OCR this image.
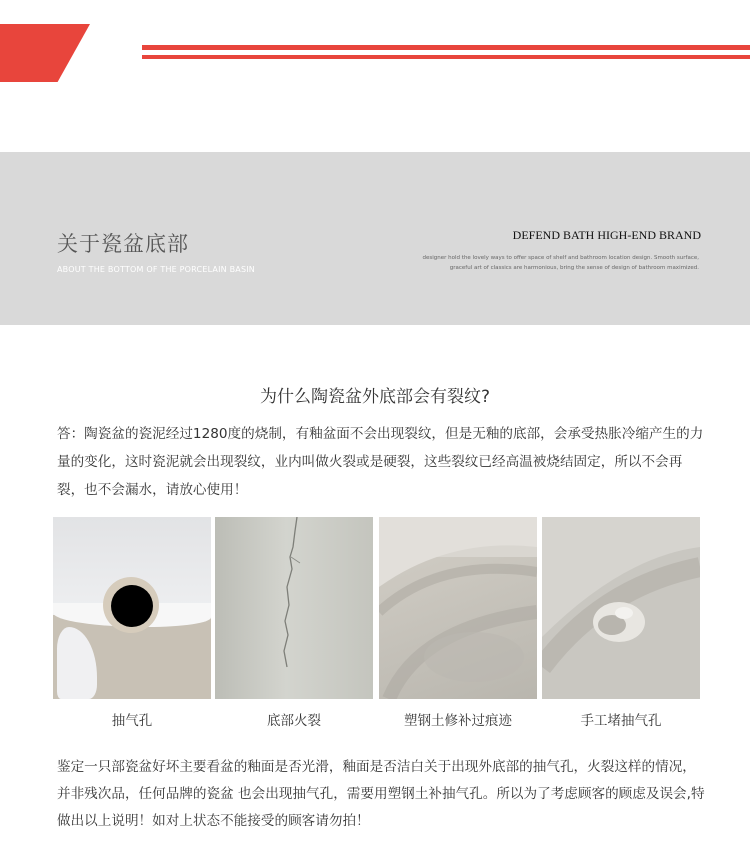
关于瓷盆底部
ABOUT THE BOTTOM OF THE PORCELAIN BASIN
DEFEND BATH HIGH-END BRAND
designer hold the lovely ways to offer space of shelf and bathroom location design. Smooth surface,
graceful art of classics are harmonious, bring the sense of design of bathroom maximized.
为什么陶瓷盆外底部会有裂纹?
答：陶瓷盆的瓷泥经过1280度的烧制，有釉盆面不会出现裂纹，但是无釉的底部，会承受热胀冷缩产生的力量的变化，这时瓷泥就会出现裂纹，业内叫做火裂或是硬裂，这些裂纹已经高温被烧结固定，所以不会再裂，也不会漏水，请放心使用！
抽气孔	底部火裂	塑钢土修补过痕迹	手工堵抽气孔
鉴定一只部瓷盆好坏主要看盆的釉面是否光滑，釉面是否洁白关于出现外底部的抽气孔，火裂这样的情况，并非残次品，任何品牌的瓷盆 也会出现抽气孔，需要用塑钢土补抽气孔。所以为了考虑顾客的顾虑及误会,特做出以上说明！如对上状态不能接受的顾客请勿拍！
